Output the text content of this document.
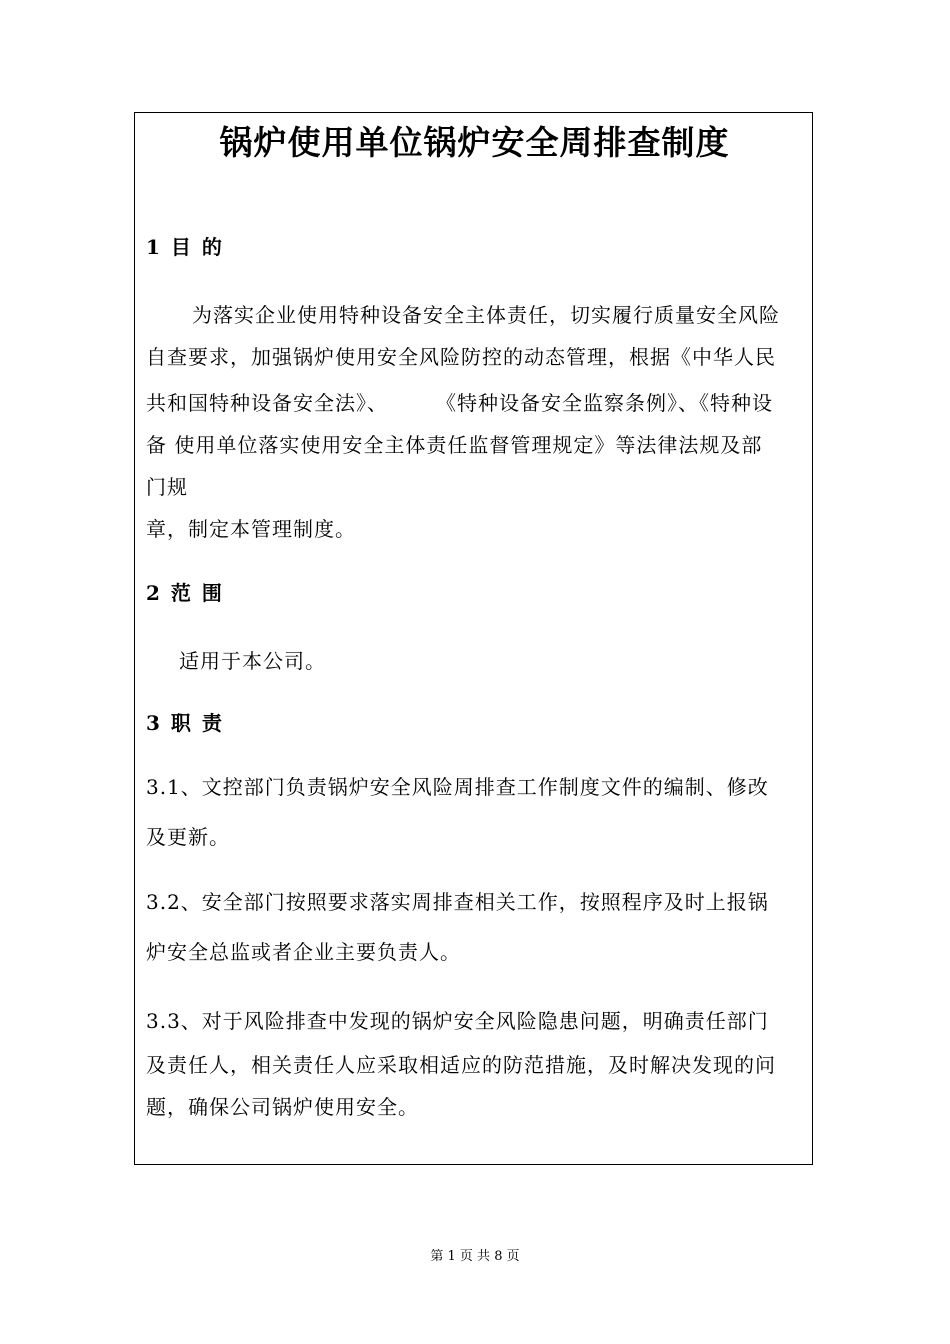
锅炉使用单位锅炉安全周排查制度
1 目 的
为落实企业使用特种设备安全主体责任，切实履行质量安全风险
自查要求，加强锅炉使用安全风险防控的动态管理，根据《中华人民
共和国特种设备安全法》、 《特种设备安全监察条例》、《特种设
备 使用单位落实使用安全主体责任监督管理规定》等法律法规及部
门规
章，制定本管理制度。
2 范 围
适用于本公司。
3 职 责
3.1、文控部门负责锅炉安全风险周排查工作制度文件的编制、修改
及更新。
3.2、安全部门按照要求落实周排查相关工作，按照程序及时上报锅
炉安全总监或者企业主要负责人。
3.3、对于风险排查中发现的锅炉安全风险隐患问题，明确责任部门
及责任人，相关责任人应采取相适应的防范措施，及时解决发现的问
题，确保公司锅炉使用安全。
第 1 页 共 8 页
